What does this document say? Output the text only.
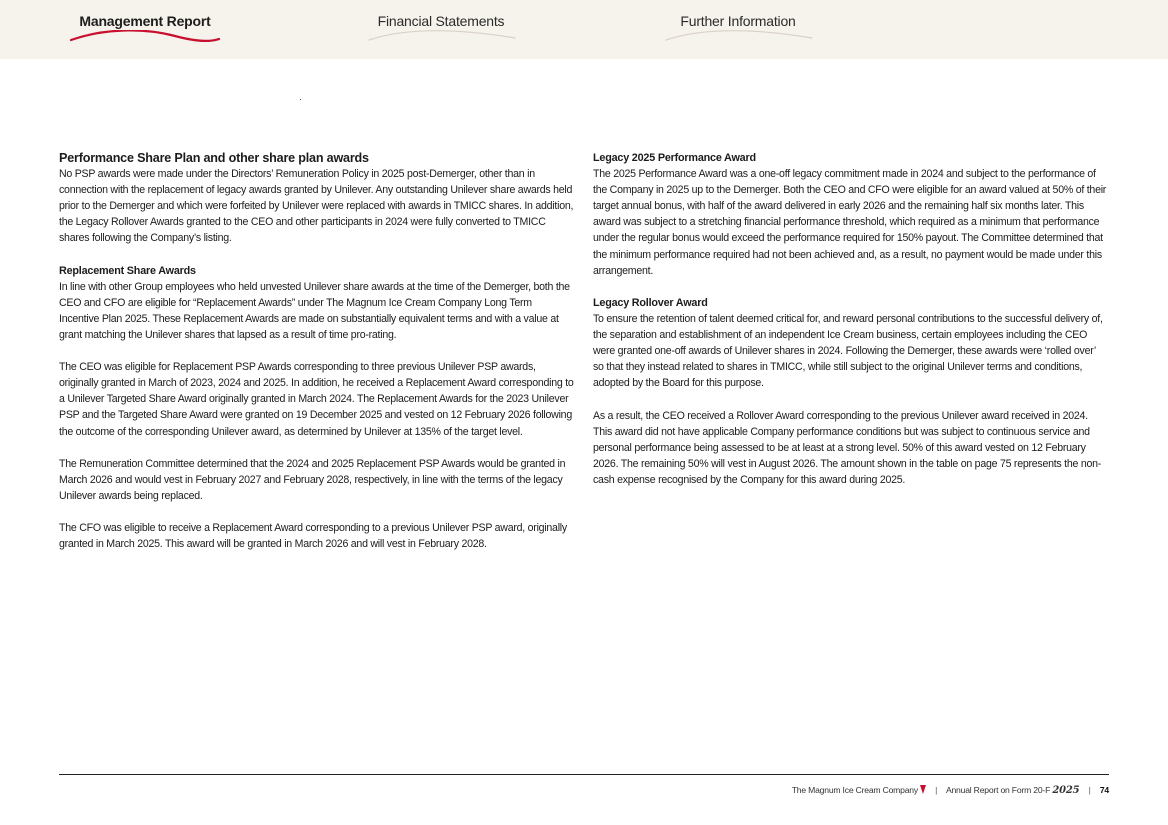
Management Report	Financial Statements	Further Information
Performance Share Plan and other share plan awards

No PSP awards were made under the Directors’ Remuneration Policy in 2025 post-Demerger, other than in connection with the replacement of legacy awards granted by Unilever. Any outstanding Unilever share awards held prior to the Demerger and which were forfeited by Unilever were replaced with awards in TMICC shares. In addition, the Legacy Rollover Awards granted to the CEO and other participants in 2024 were fully converted to TMICC shares following the Company’s listing.

Replacement Share Awards

In line with other Group employees who held unvested Unilever share awards at the time of the Demerger, both the CEO and CFO are eligible for “Replacement Awards” under The Magnum Ice Cream Company Long Term Incentive Plan 2025. These Replacement Awards are made on substantially equivalent terms and with a value at grant matching the Unilever shares that lapsed as a result of time pro-rating.

The CEO was eligible for Replacement PSP Awards corresponding to three previous Unilever PSP awards, originally granted in March of 2023, 2024 and 2025. In addition, he received a Replacement Award corresponding to a Unilever Targeted Share Award originally granted in March 2024. The Replacement Awards for the 2023 Unilever PSP and the Targeted Share Award were granted on 19 December 2025 and vested on 12 February 2026 following the outcome of the corresponding Unilever award, as determined by Unilever at 135% of the target level.

The Remuneration Committee determined that the 2024 and 2025 Replacement PSP Awards would be granted in March 2026 and would vest in February 2027 and February 2028, respectively, in line with the terms of the legacy Unilever awards being replaced.

The CFO was eligible to receive a Replacement Award corresponding to a previous Unilever PSP award, originally granted in March 2025. This award will be granted in March 2026 and will vest in February 2028.

Legacy 2025 Performance Award

The 2025 Performance Award was a one-off legacy commitment made in 2024 and subject to the performance of the Company in 2025 up to the Demerger. Both the CEO and CFO were eligible for an award valued at 50% of their target annual bonus, with half of the award delivered in early 2026 and the remaining half six months later. This award was subject to a stretching financial performance threshold, which required as a minimum that performance under the regular bonus would exceed the performance required for 150% payout. The Committee determined that the minimum performance required had not been achieved and, as a result, no payment would be made under this arrangement.

Legacy Rollover Award

To ensure the retention of talent deemed critical for, and reward personal contributions to the successful delivery of, the separation and establishment of an independent Ice Cream business, certain employees including the CEO were granted one-off awards of Unilever shares in 2024. Following the Demerger, these awards were ‘rolled over’ so that they instead related to shares in TMICC, while still subject to the original Unilever terms and conditions, adopted by the Board for this purpose.

As a result, the CEO received a Rollover Award corresponding to the previous Unilever award received in 2024. This award did not have applicable Company performance conditions but was subject to continuous service and personal performance being assessed to be at least at a strong level. 50% of this award vested on 12 February 2026. The remaining 50% will vest in August 2026. The amount shown in the table on page 75 represents the non-cash expense recognised by the Company for this award during 2025.

The Magnum Ice Cream Company | Annual Report on Form 20-F 2025 | 74
